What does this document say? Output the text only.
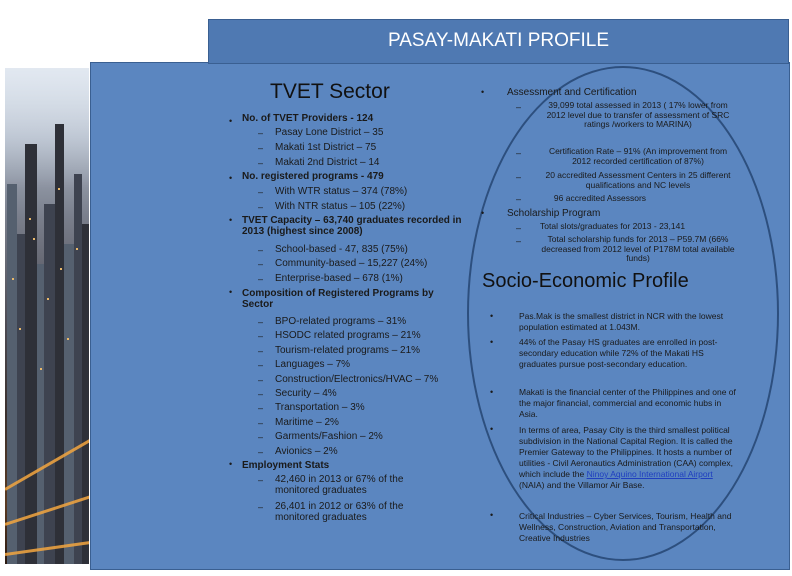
PASAY-MAKATI PROFILE
TVET Sector
•
•
•
•
•
No. of TVET Providers - 124
– Pasay Lone District – 35
– Makati 1st District – 75
– Makati 2nd District – 14
No. registered programs - 479
– With WTR status – 374 (78%)
– With NTR status – 105 (22%)
TVET Capacity – 63,740 graduates recorded in 2013 (highest since 2008)
– School-based - 47, 835 (75%)
– Community-based – 15,227 (24%)
– Enterprise-based – 678 (1%)
Composition of Registered Programs by Sector
– BPO-related programs – 31%
– HSODC related programs – 21%
– Tourism-related programs – 21%
– Languages – 7%
– Construction/Electronics/HVAC – 7%
– Security – 4%
– Transportation – 3%
– Maritime – 2%
– Garments/Fashion – 2%
– Avionics – 2%
Employment Stats
– 42,460 in 2013 or 67% of the monitored graduates
– 26,401 in 2012 or 63% of the monitored graduates
• Assessment and Certification
–	39,099 total assessed in 2013 ( 17% lower from 2012 level due to transfer of assessment of SRC ratings /workers to MARINA)
–	Certification Rate – 91% (An improvement from 2012 recorded certification of 87%)
–	20 accredited Assessment Centers in 25 different qualifications and NC levels
–	96 accredited Assessors
• Scholarship Program
– Total slots/graduates for 2013 - 23,141
–	Total scholarship funds for 2013 – P59.7M (66% decreased from 2012 level of P178M total available funds)
Socio-Economic Profile
•	Pas.Mak is the smallest district in NCR with the lowest population estimated at 1.043M.
•	44% of the Pasay HS graduates are enrolled in post-secondary education while 72% of the Makati HS graduates pursue post-secondary education.
•	Makati is the financial center of the Philippines and one of the major financial, commercial and economic hubs in Asia.
•	In terms of area, Pasay City is the third smallest political subdivision in the National Capital Region. It is called the Premier Gateway to the Philippines. It hosts a number of utilities - Civil Aeronautics Administration (CAA) complex, which include the Ninoy Aquino International Airport (NAIA) and the Villamor Air Base.
•	Critical Industries – Cyber Services, Tourism, Health and Wellness, Construction, Aviation and Transportation, Creative Industries
